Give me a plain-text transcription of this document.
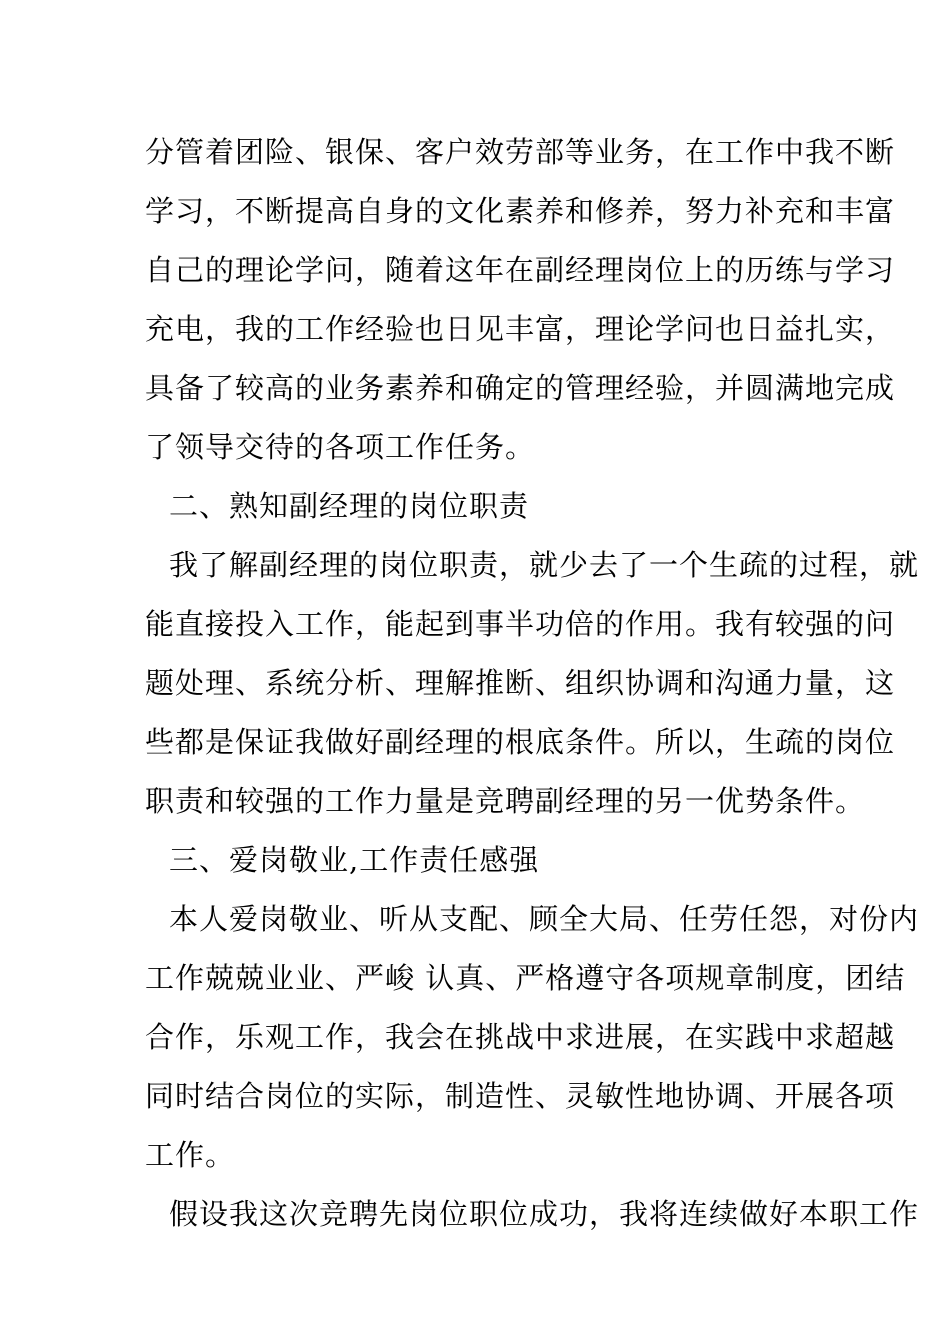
分管着团险、银保、客户效劳部等业务，在工作中我不断
学习，不断提高自身的文化素养和修养，努力补充和丰富
自己的理论学问，随着这年在副经理岗位上的历练与学习
充电，我的工作经验也日见丰富，理论学问也日益扎实，
具备了较高的业务素养和确定的管理经验，并圆满地完成
了领导交待的各项工作任务。
二、熟知副经理的岗位职责
我了解副经理的岗位职责，就少去了一个生疏的过程，就
能直接投入工作，能起到事半功倍的作用。我有较强的问
题处理、系统分析、理解推断、组织协调和沟通力量，这
些都是保证我做好副经理的根底条件。所以，生疏的岗位
职责和较强的工作力量是竞聘副经理的另一优势条件。
三、爱岗敬业,工作责任感强
本人爱岗敬业、听从支配、顾全大局、任劳任怨，对份内
工作兢兢业业、严峻 认真、严格遵守各项规章制度，团结
合作，乐观工作，我会在挑战中求进展，在实践中求超越
同时结合岗位的实际，制造性、灵敏性地协调、开展各项
工作。
假设我这次竞聘先岗位职位成功，我将连续做好本职工作
